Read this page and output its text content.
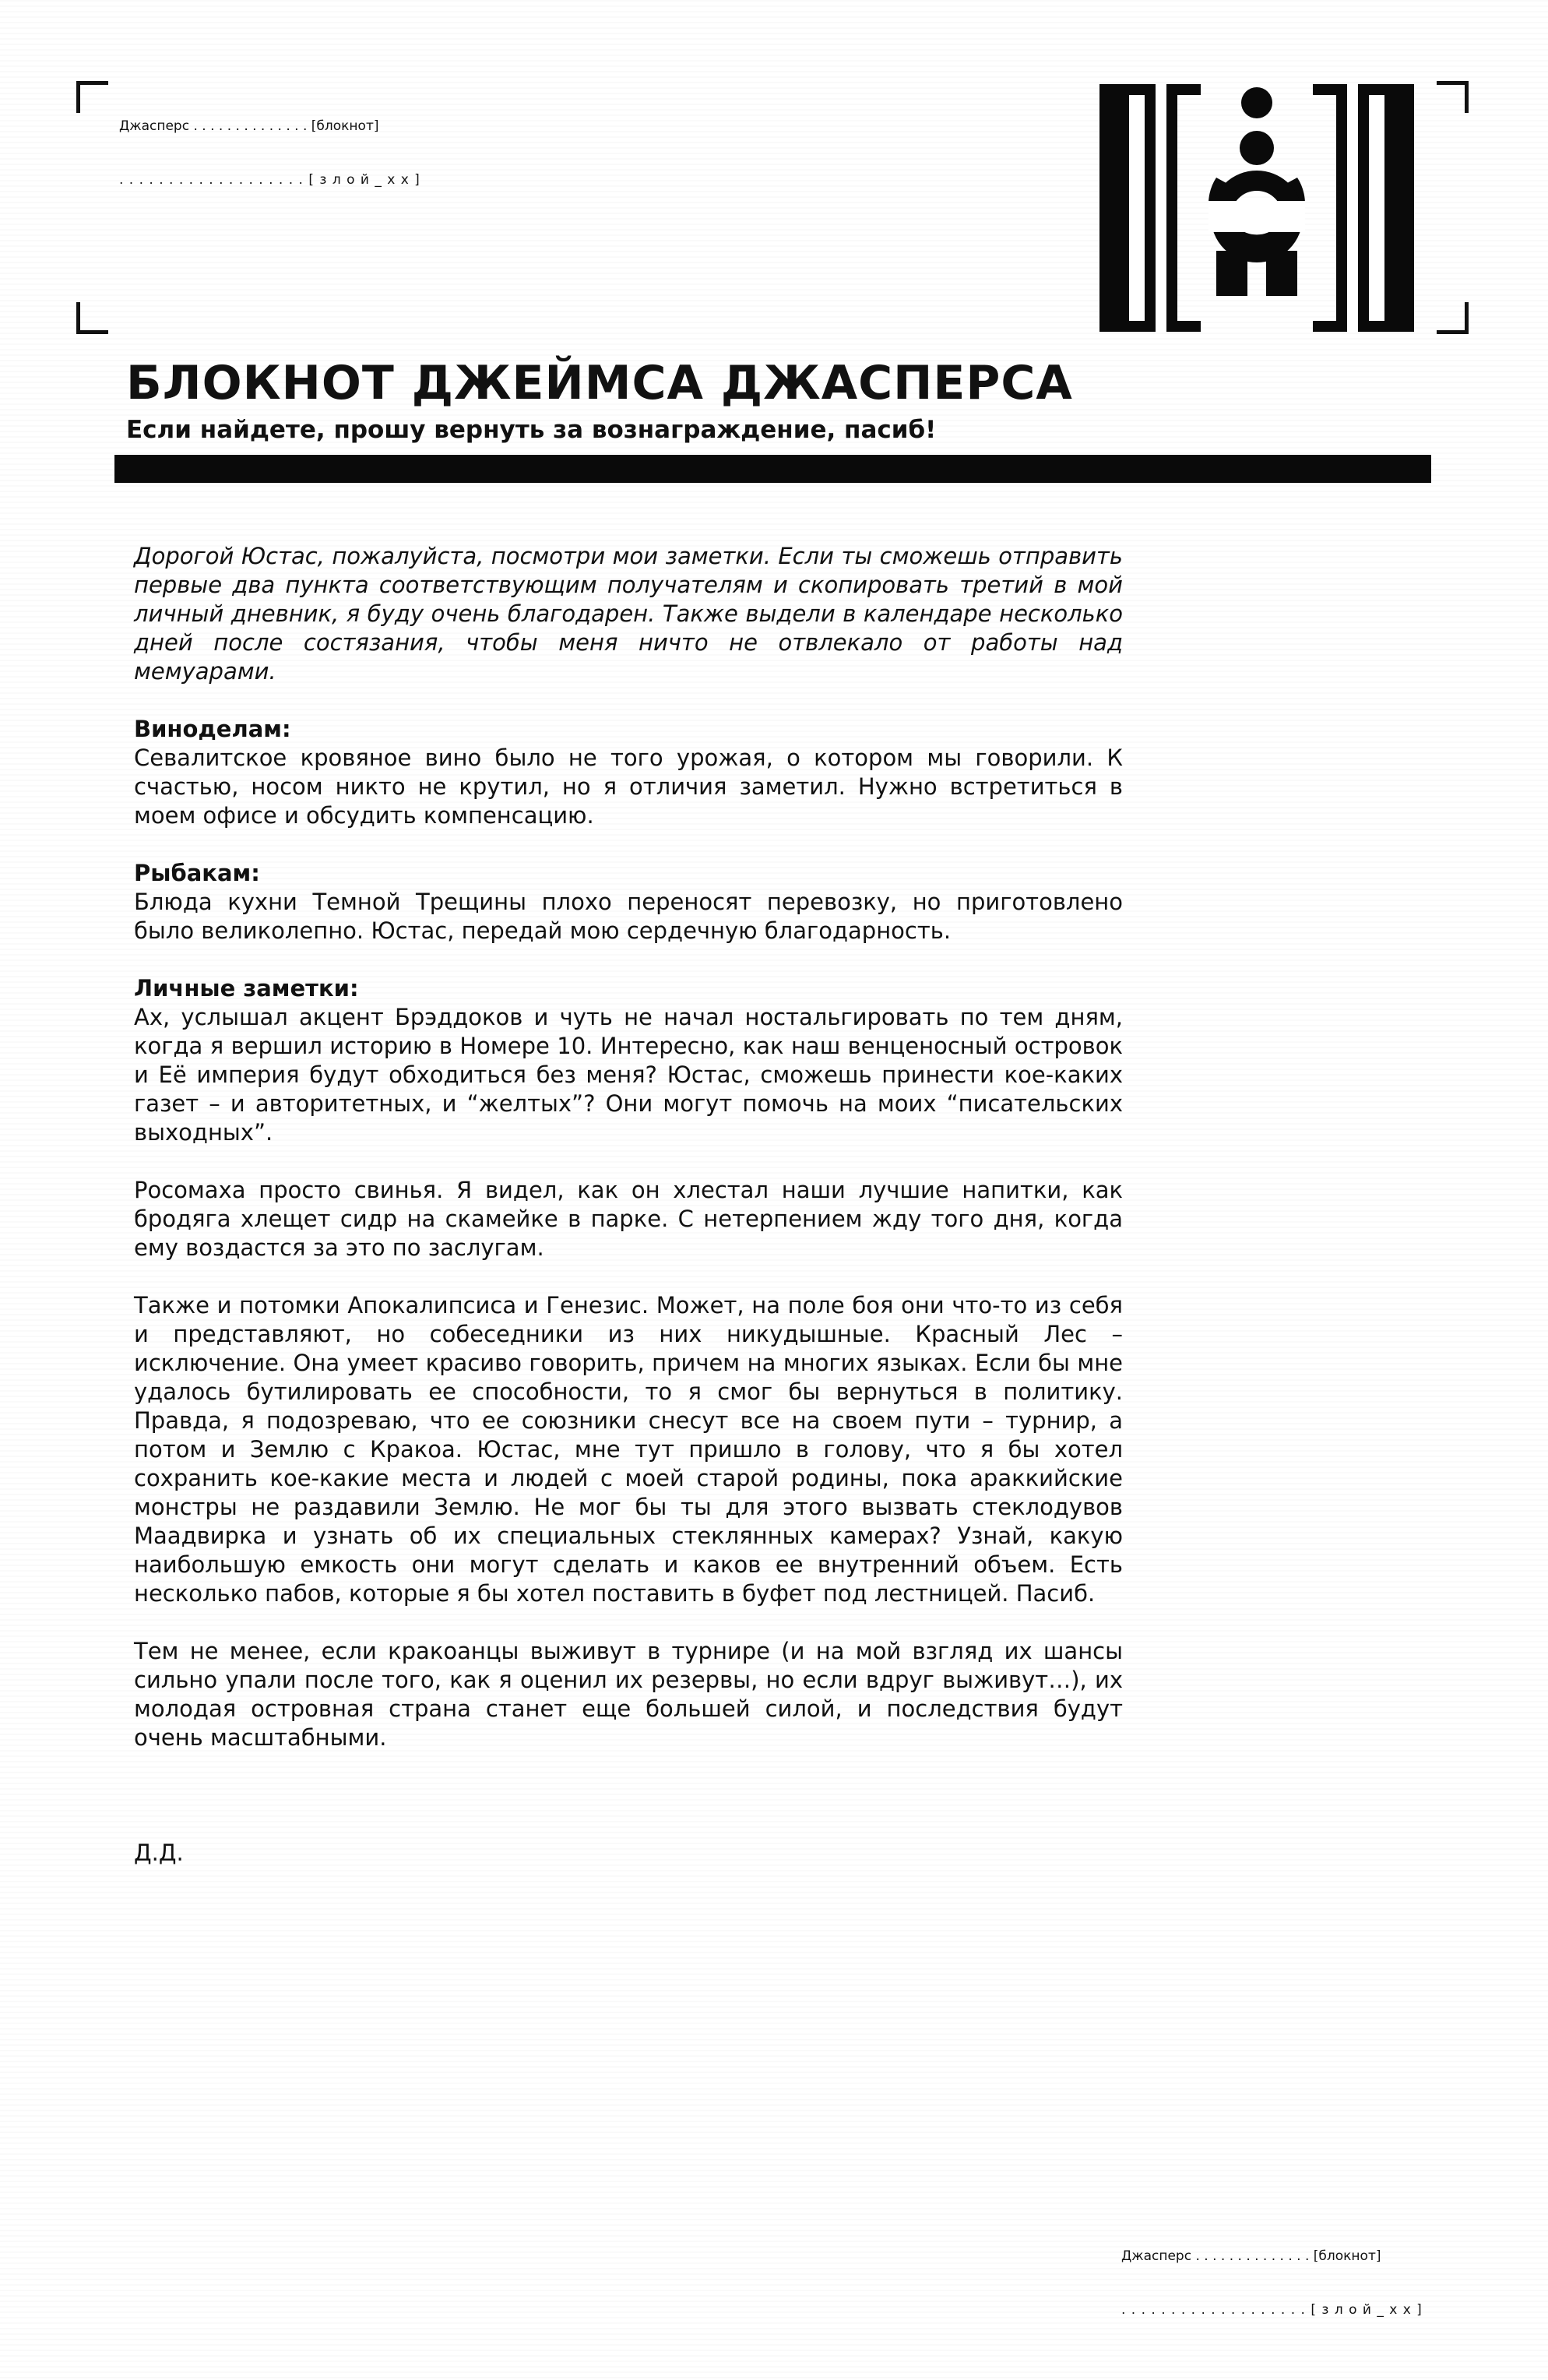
Джасперс . . . . . . . . . . . . . . [блокнот]

. . . . . . . . . . . . . . . . . . . [ з л о й _ х х ]

БЛОКНОТ ДЖЕЙМСА ДЖАСПЕРСА
Если найдете, прошу вернуть за вознаграждение, пасиб!

Дорогой Юстас, пожалуйста, посмотри мои заметки. Если ты сможешь отправить первые два пункта соответствующим получателям и скопировать третий в мой личный дневник, я буду очень благодарен. Также выдели в календаре несколько дней после состязания, чтобы меня ничто не отвлекало от работы над мемуарами.

Виноделам:

Севалитское кровяное вино было не того урожая, о котором мы говорили. К счастью, носом никто не крутил, но я отличия заметил. Нужно встретиться в моем офисе и обсудить компенсацию.

Рыбакам:

Блюда кухни Темной Трещины плохо переносят перевозку, но приготовлено было великолепно. Юстас, передай мою сердечную благодарность.

Личные заметки:

Ах, услышал акцент Брэддоков и чуть не начал ностальгировать по тем дням, когда я вершил историю в Номере 10. Интересно, как наш венценосный островок и Её империя будут обходиться без меня? Юстас, сможешь принести кое-каких газет – и авторитетных, и “желтых”? Они могут помочь на моих “писательских выходных”.

Росомаха просто свинья. Я видел, как он хлестал наши лучшие напитки, как бродяга хлещет сидр на скамейке в парке. С нетерпением жду того дня, когда ему воздастся за это по заслугам.

Также и потомки Апокалипсиса и Генезис. Может, на поле боя они что-то из себя и представляют, но собеседники из них никудышные. Красный Лес – исключение. Она умеет красиво говорить, причем на многих языках. Если бы мне удалось бутилировать ее способности, то я смог бы вернуться в политику. Правда, я подозреваю, что ее союзники снесут все на своем пути – турнир, а потом и Землю с Кракоа. Юстас, мне тут пришло в голову, что я бы хотел сохранить кое-какие места и людей с моей старой родины, пока араккийские монстры не раздавили Землю. Не мог бы ты для этого вызвать стеклодувов Маадвирка и узнать об их специальных стеклянных камерах? Узнай, какую наибольшую емкость они могут сделать и каков ее внутренний объем. Есть несколько пабов, которые я бы хотел поставить в буфет под лестницей. Пасиб.

Тем не менее, если кракоанцы выживут в турнире (и на мой взгляд их шансы сильно упали после того, как я оценил их резервы, но если вдруг выживут…), их молодая островная страна станет еще большей силой, и последствия будут очень масштабными.

Д.Д.

Джасперс . . . . . . . . . . . . . . [блокнот]

. . . . . . . . . . . . . . . . . . . [ з л о й _ х х ]
